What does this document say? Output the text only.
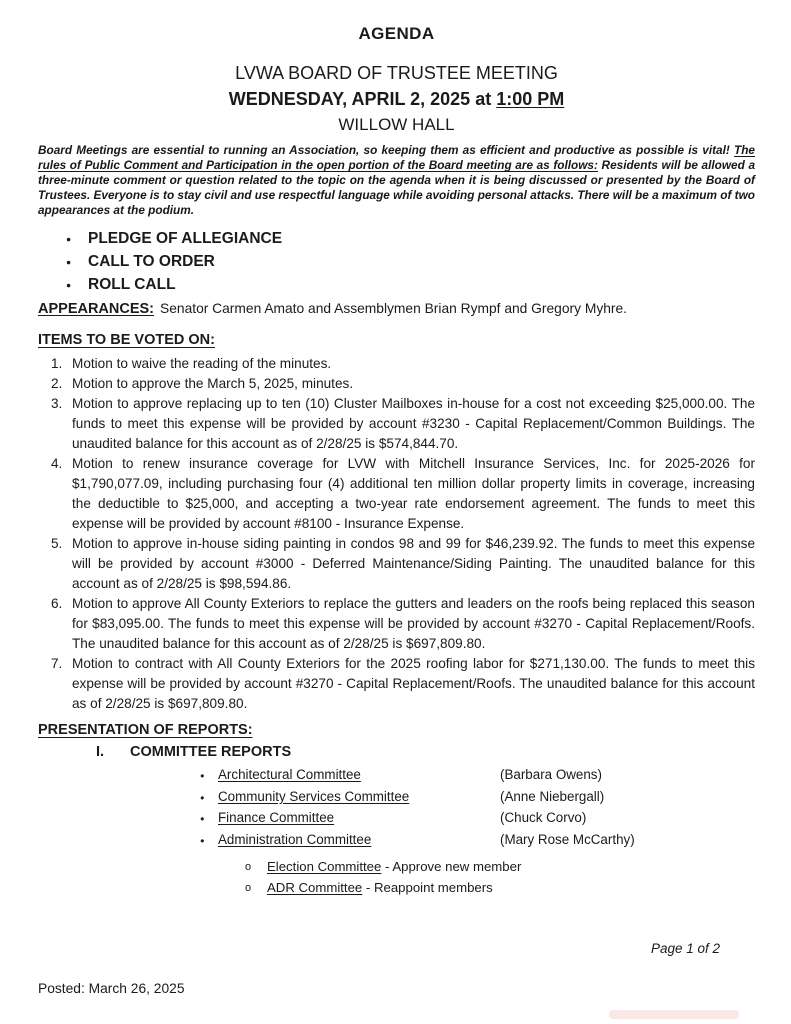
AGENDA
LVWA BOARD OF TRUSTEE MEETING
WEDNESDAY, APRIL 2, 2025 at 1:00 PM
WILLOW HALL

Board Meetings are essential to running an Association, so keeping them as efficient and productive as possible is vital! The rules of Public Comment and Participation in the open portion of the Board meeting are as follows: Residents will be allowed a three-minute comment or question related to the topic on the agenda when it is being discussed or presented by the Board of Trustees. Everyone is to stay civil and use respectful language while avoiding personal attacks. There will be a maximum of two appearances at the podium.

● PLEDGE OF ALLEGIANCE
● CALL TO ORDER
● ROLL CALL
APPEARANCES: Senator Carmen Amato and Assemblymen Brian Rympf and Gregory Myhre.
ITEMS TO BE VOTED ON:
1. Motion to waive the reading of the minutes.
2. Motion to approve the March 5, 2025, minutes.
3. Motion to approve replacing up to ten (10) Cluster Mailboxes in-house for a cost not exceeding $25,000.00. The funds to meet this expense will be provided by account #3230 - Capital Replacement/Common Buildings. The unaudited balance for this account as of 2/28/25 is $574,844.70.
4. Motion to renew insurance coverage for LVW with Mitchell Insurance Services, Inc. for 2025-2026 for $1,790,077.09, including purchasing four (4) additional ten million dollar property limits in coverage, increasing the deductible to $25,000, and accepting a two-year rate endorsement agreement. The funds to meet this expense will be provided by account #8100 - Insurance Expense.
5. Motion to approve in-house siding painting in condos 98 and 99 for $46,239.92. The funds to meet this expense will be provided by account #3000 - Deferred Maintenance/Siding Painting. The unaudited balance for this account as of 2/28/25 is $98,594.86.
6. Motion to approve All County Exteriors to replace the gutters and leaders on the roofs being replaced this season for $83,095.00. The funds to meet this expense will be provided by account #3270 - Capital Replacement/Roofs. The unaudited balance for this account as of 2/28/25 is $697,809.80.
7. Motion to contract with All County Exteriors for the 2025 roofing labor for $271,130.00. The funds to meet this expense will be provided by account #3270 - Capital Replacement/Roofs. The unaudited balance for this account as of 2/28/25 is $697,809.80.
PRESENTATION OF REPORTS:
I. COMMITTEE REPORTS
●
Architectural Committee	(Barbara Owens)
●
Community Services Committee	(Anne Niebergall)
●
Finance Committee	(Chuck Corvo)
●
Administration Committee	(Mary Rose McCarthy)
o Election Committee - Approve new member
o ADR Committee - Reappoint members
Page 1 of 2
Posted: March 26, 2025
